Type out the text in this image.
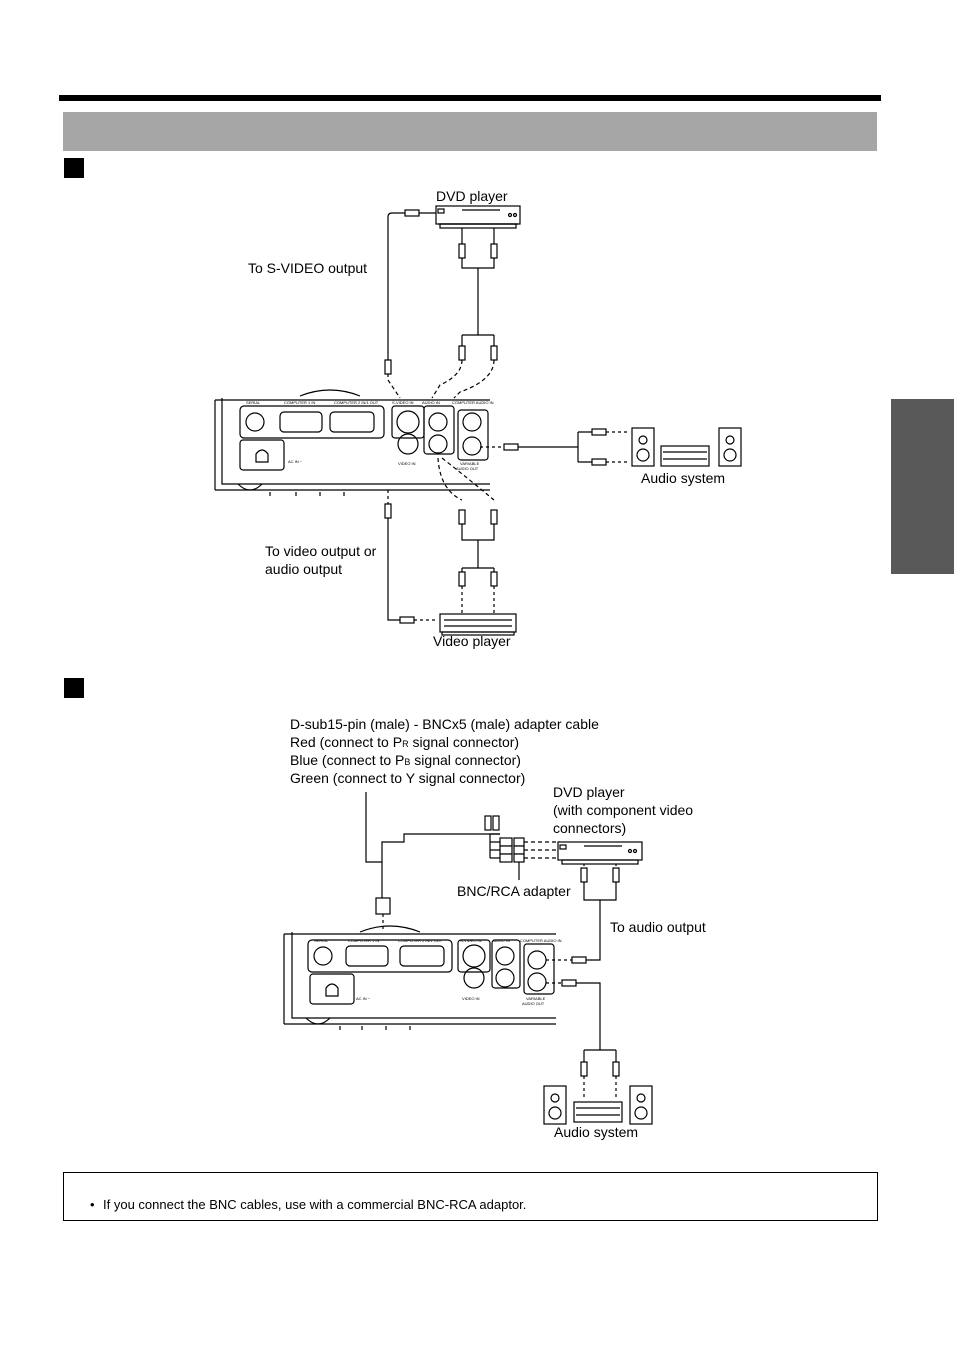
SERIAL	COMPUTER 1 IN	COMPUTER 2 IN/1 OUT	S-VIDEO IN AUDIO IN	COMPUTER AUDIO IN
AC IN ~	VIDEO IN	VARIABLE
AUDIO OUT
SERIAL	COMPUTER 1 IN	COMPUTER 2 IN/1 OUT	S-VIDEO IN	AUDIO IN	COMPUTER AUDIO IN
AC IN ~	VIDEO IN	VARIABLE
AUDIO OUT
DVD player
To S-VIDEO output
Audio system
To video output or
audio output
Video player
D-sub15-pin (male) - BNCx5 (male) adapter cable
Red (connect to PR signal connector)
Blue (connect to PB signal connector)
Green (connect to Y signal connector)
DVD player
(with component video
connectors)
BNC/RCA adapter
To audio output
Audio system
• If you connect the BNC cables, use with a commercial BNC-RCA adaptor.
